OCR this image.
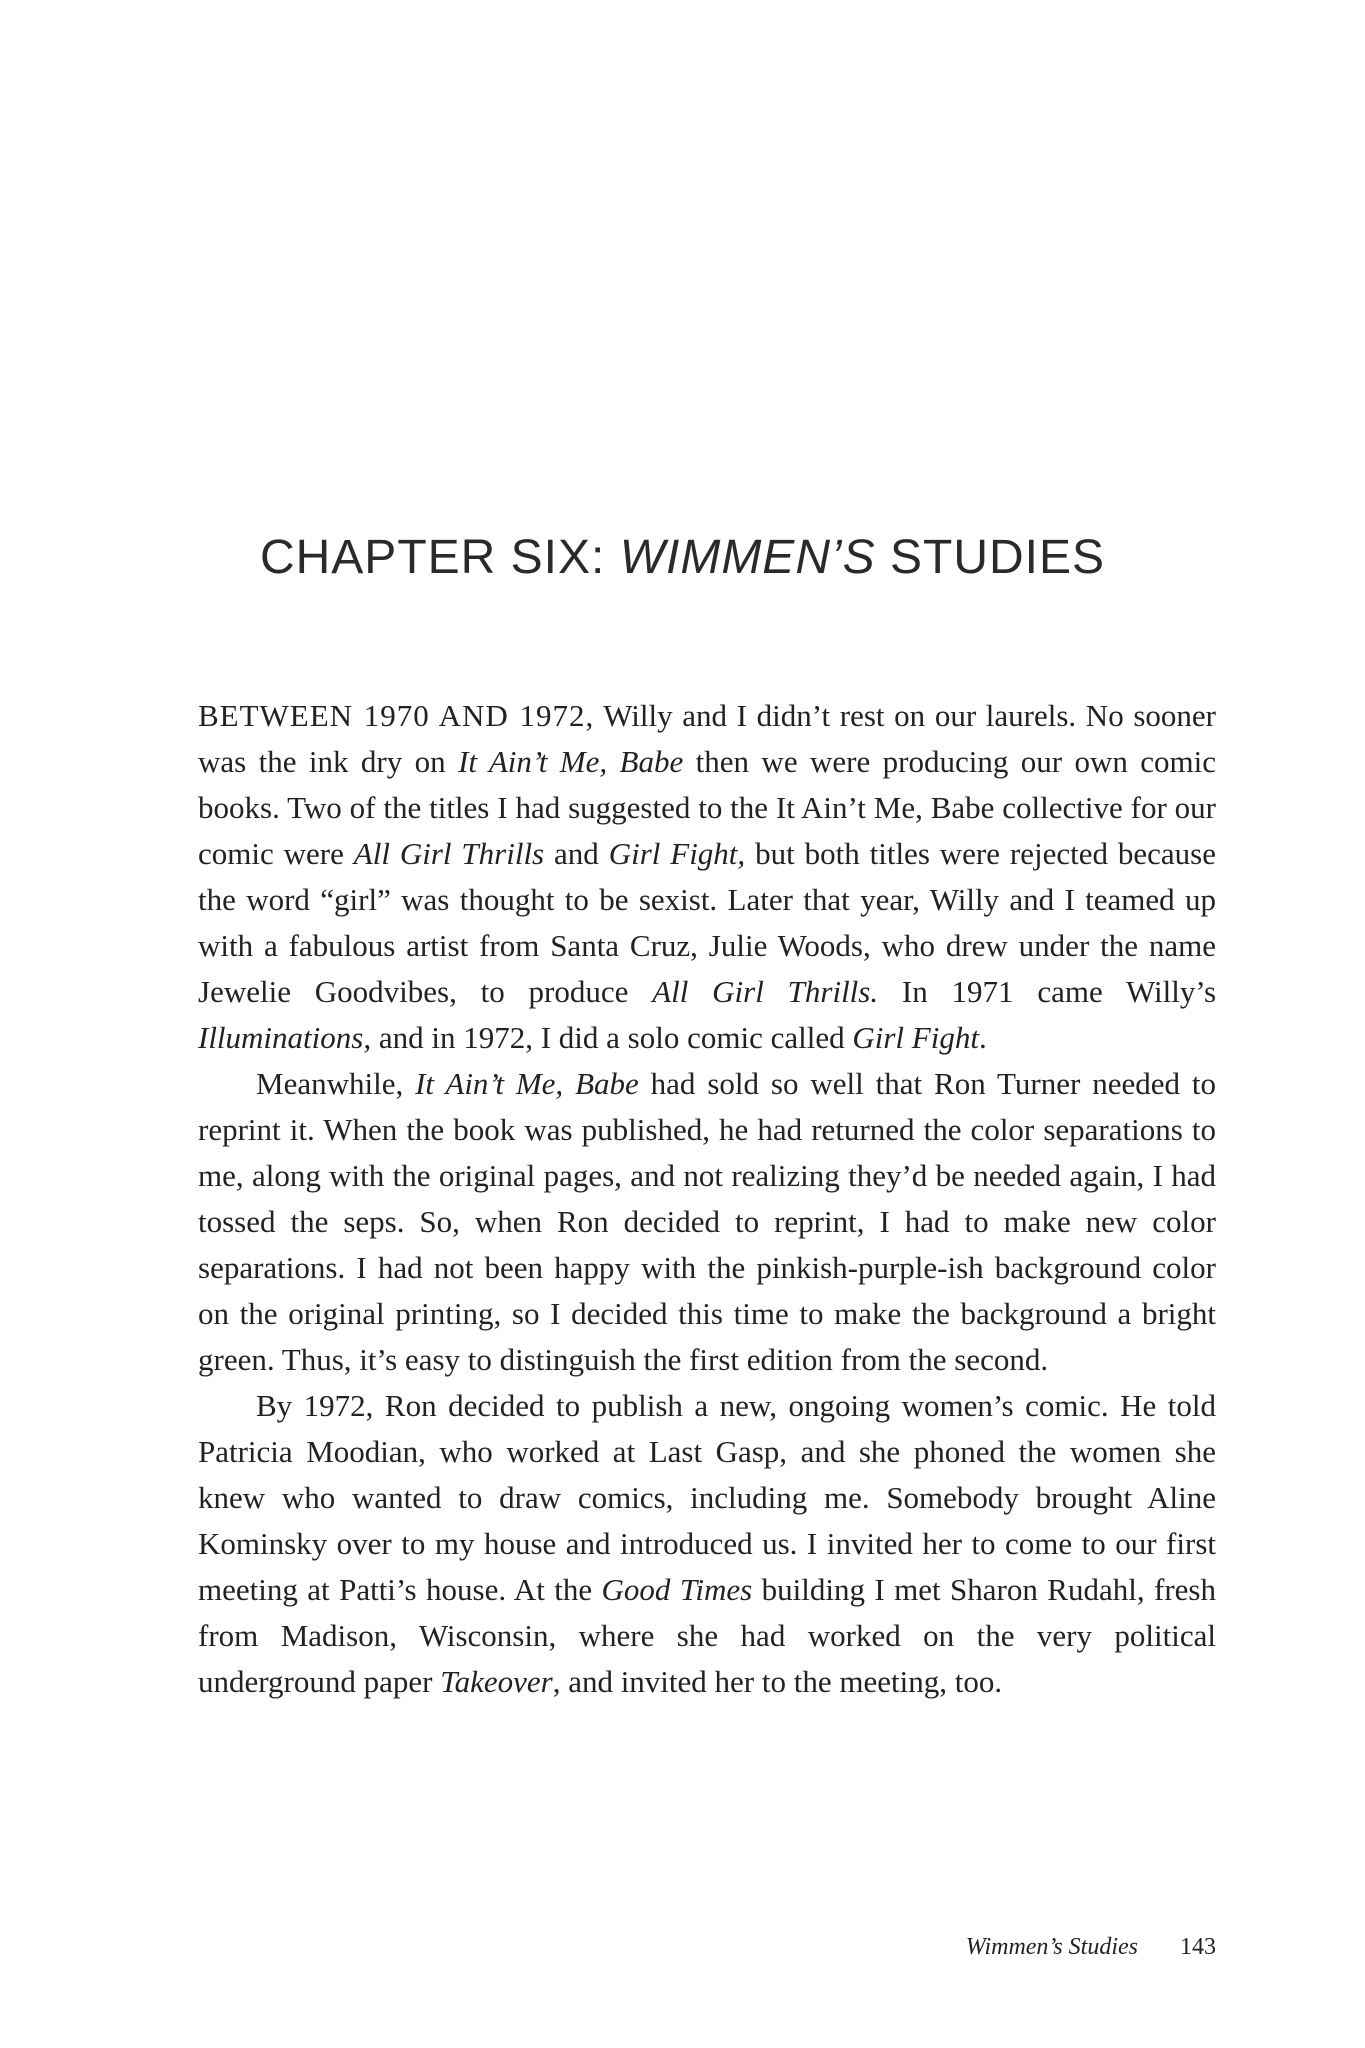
CHAPTER SIX: WIMMEN’S STUDIES

BETWEEN 1970 AND 1972, Willy and I didn’t rest on our laurels. No sooner was the ink dry on It Ain’t Me, Babe then we were producing our own comic books. Two of the titles I had suggested to the It Ain’t Me, Babe collective for our comic were All Girl Thrills and Girl Fight, but both titles were rejected because the word “girl” was thought to be sexist. Later that year, Willy and I teamed up with a fabulous artist from Santa Cruz, Julie Woods, who drew under the name Jewelie Goodvibes, to produce All Girl Thrills. In 1971 came Willy’s Illuminations, and in 1972, I did a solo comic called Girl Fight.

Meanwhile, It Ain’t Me, Babe had sold so well that Ron Turner needed to reprint it. When the book was published, he had returned the color separations to me, along with the original pages, and not realizing they’d be needed again, I had tossed the seps. So, when Ron decided to reprint, I had to make new color separations. I had not been happy with the pinkish-purple-ish background color on the original printing, so I decided this time to make the background a bright green. Thus, it’s easy to distinguish the first edition from the second.

By 1972, Ron decided to publish a new, ongoing women’s comic. He told Patricia Moodian, who worked at Last Gasp, and she phoned the women she knew who wanted to draw comics, including me. Somebody brought Aline Kominsky over to my house and introduced us. I invited her to come to our first meeting at Patti’s house. At the Good Times building I met Sharon Rudahl, fresh from Madison, Wisconsin, where she had worked on the very political underground paper Takeover, and invited her to the meeting, too.

Wimmen’s Studies 143
